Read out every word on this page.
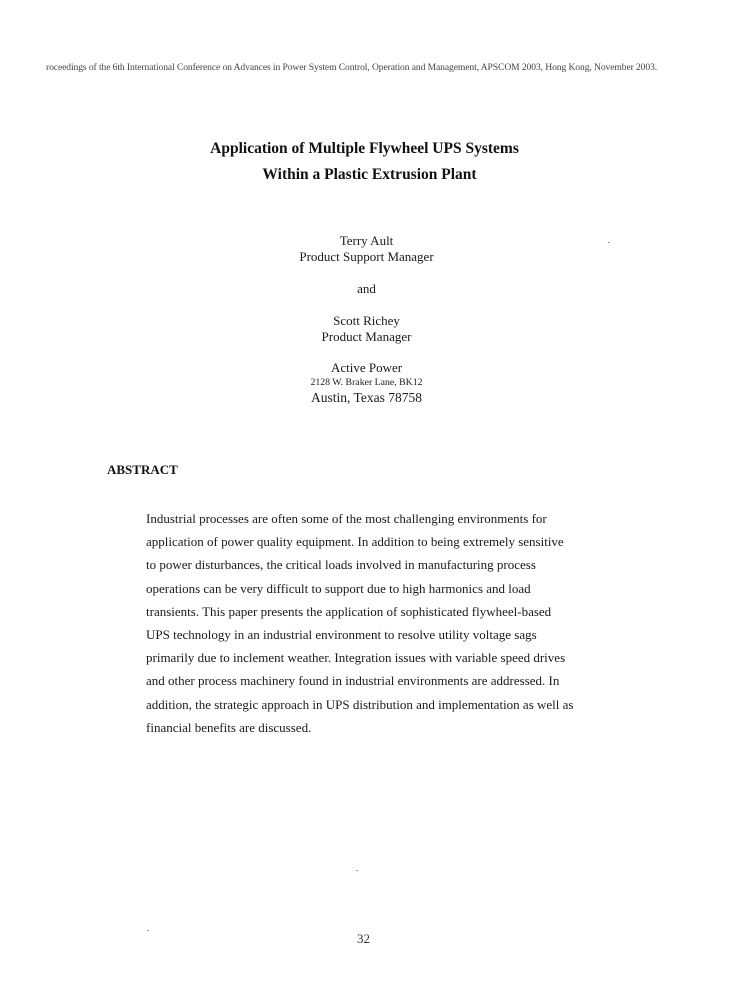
roceedings of the 6th International Conference on Advances in Power System Control, Operation and Management, APSCOM 2003, Hong Kong, November 2003.
Application of Multiple Flywheel UPS Systems
Within a Plastic Extrusion Plant
Terry Ault
Product Support Manager
and
Scott Richey
Product Manager
Active Power
2128 W. Braker Lane, BK12
Austin, Texas 78758
ABSTRACT
Industrial processes are often some of the most challenging environments for
application of power quality equipment. In addition to being extremely sensitive
to power disturbances, the critical loads involved in manufacturing process
operations can be very difficult to support due to high harmonics and load
transients. This paper presents the application of sophisticated flywheel-based
UPS technology in an industrial environment to resolve utility voltage sags
primarily due to inclement weather. Integration issues with variable speed drives
and other process machinery found in industrial environments are addressed. In
addition, the strategic approach in UPS distribution and implementation as well as
financial benefits are discussed.
32
